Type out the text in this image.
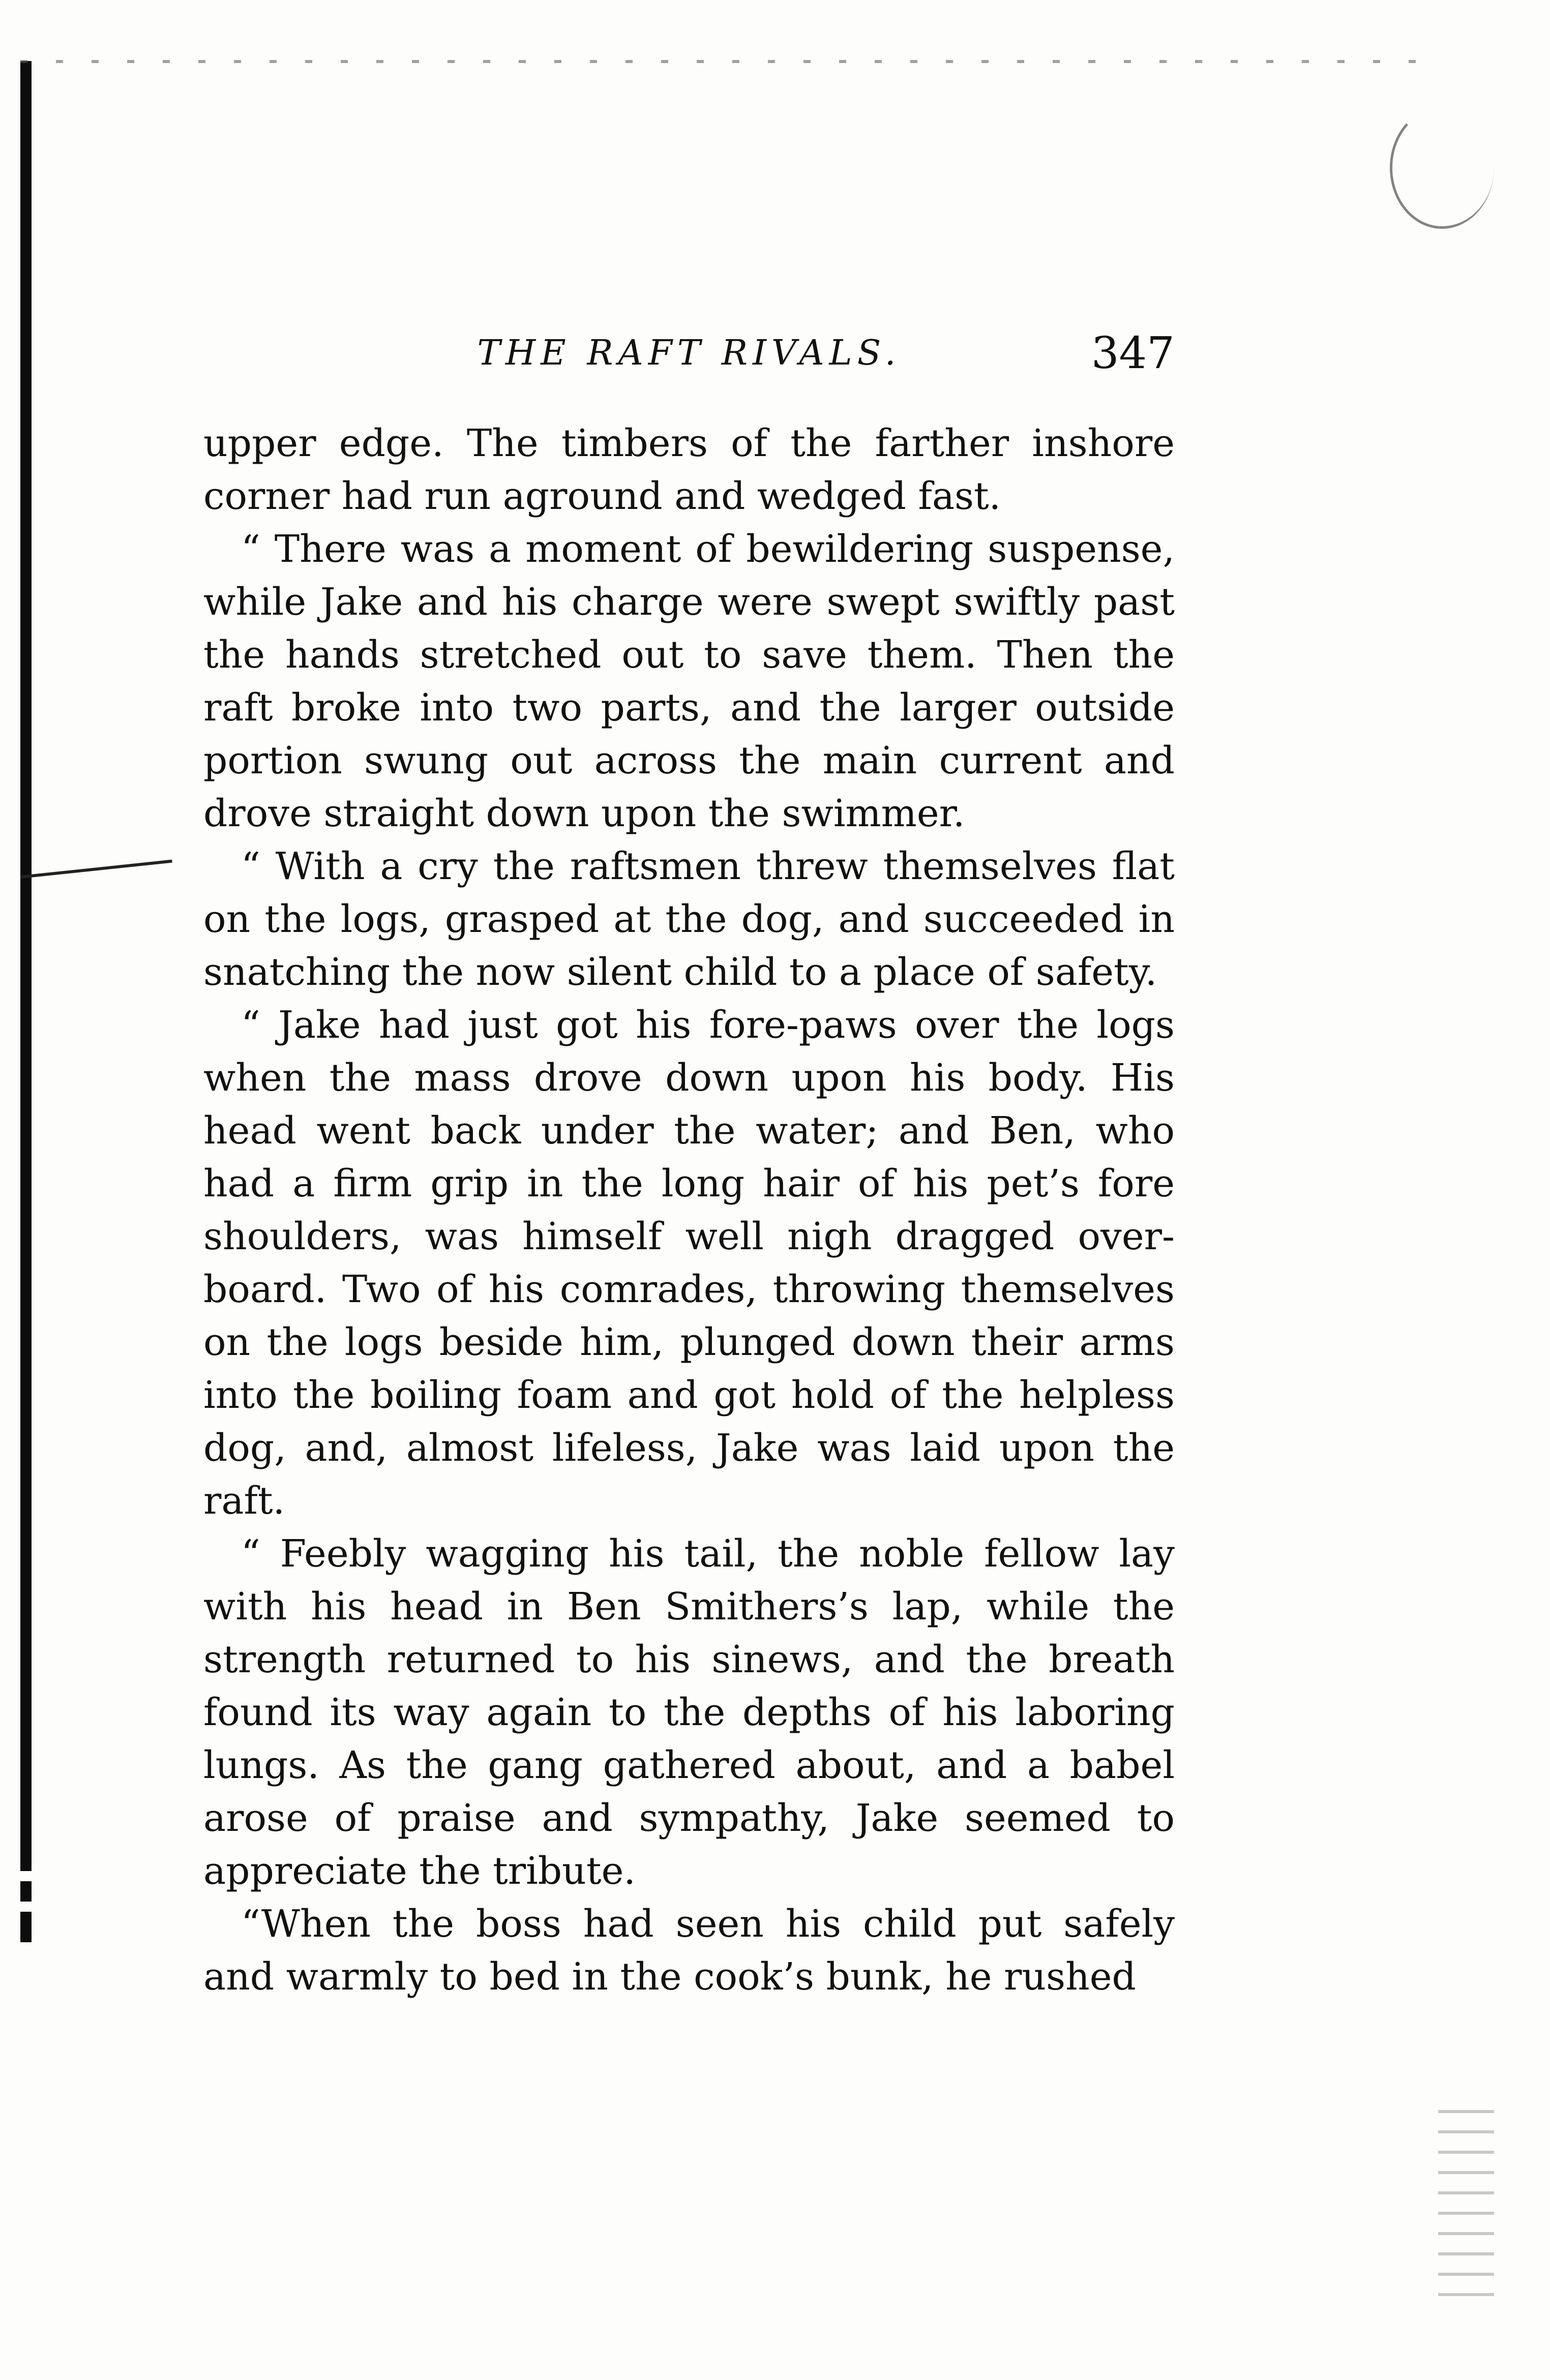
THE RAFT RIVALS.	347
upper edge. The timbers of the farther inshore
corner had run aground and wedged fast.
“ There was a moment of bewildering suspense,
while Jake and his charge were swept swiftly past
the hands stretched out to save them. Then the
raft broke into two parts, and the larger outside
portion swung out across the main current and
drove straight down upon the swimmer.
“ With a cry the raftsmen threw themselves flat
on the logs, grasped at the dog, and succeeded in
snatching the now silent child to a place of safety.
“ Jake had just got his fore-paws over the logs
when the mass drove down upon his body. His
head went back under the water; and Ben, who
had a firm grip in the long hair of his pet’s fore
shoulders, was himself well nigh dragged over-
board. Two of his comrades, throwing themselves
on the logs beside him, plunged down their arms
into the boiling foam and got hold of the helpless
dog, and, almost lifeless, Jake was laid upon the
raft.
“ Feebly wagging his tail, the noble fellow lay
with his head in Ben Smithers’s lap, while the
strength returned to his sinews, and the breath
found its way again to the depths of his laboring
lungs. As the gang gathered about, and a babel
arose of praise and sympathy, Jake seemed to
appreciate the tribute.
“When the boss had seen his child put safely
and warmly to bed in the cook’s bunk, he rushed
